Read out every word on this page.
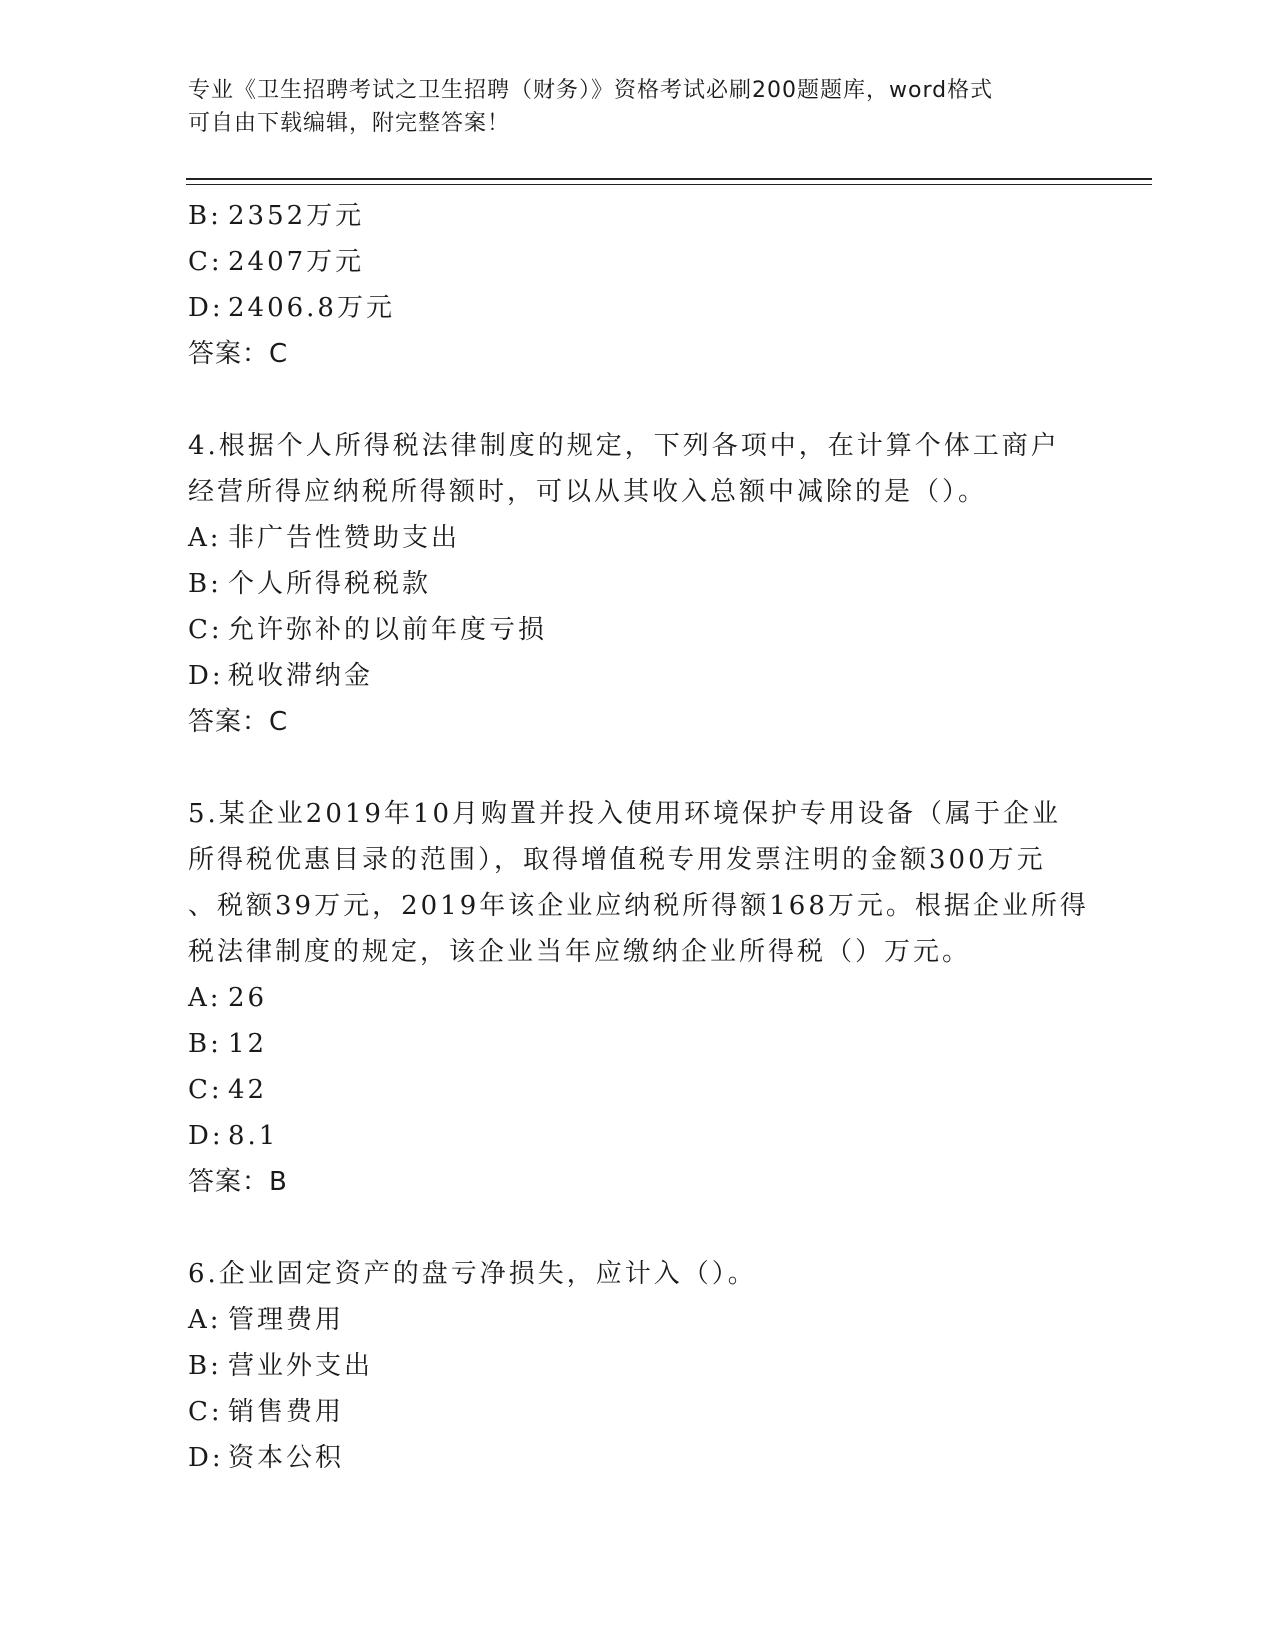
专业《卫生招聘考试之卫生招聘（财务）》资格考试必刷200题题库，word格式
可自由下载编辑，附完整答案！
B: 2352万元
C: 2407万元
D: 2406.8万元
答案：C
4.根据个人所得税法律制度的规定，下列各项中，在计算个体工商户
经营所得应纳税所得额时，可以从其收入总额中减除的是（）。
A: 非广告性赞助支出
B: 个人所得税税款
C: 允许弥补的以前年度亏损
D: 税收滞纳金
答案：C
5.某企业2019年10月购置并投入使用环境保护专用设备（属于企业
所得税优惠目录的范围），取得增值税专用发票注明的金额300万元
、税额39万元，2019年该企业应纳税所得额168万元。根据企业所得
税法律制度的规定，该企业当年应缴纳企业所得税（）万元。
A: 26
B: 12
C: 42
D: 8.1
答案：B
6.企业固定资产的盘亏净损失，应计入（）。
A: 管理费用
B: 营业外支出
C: 销售费用
D: 资本公积
